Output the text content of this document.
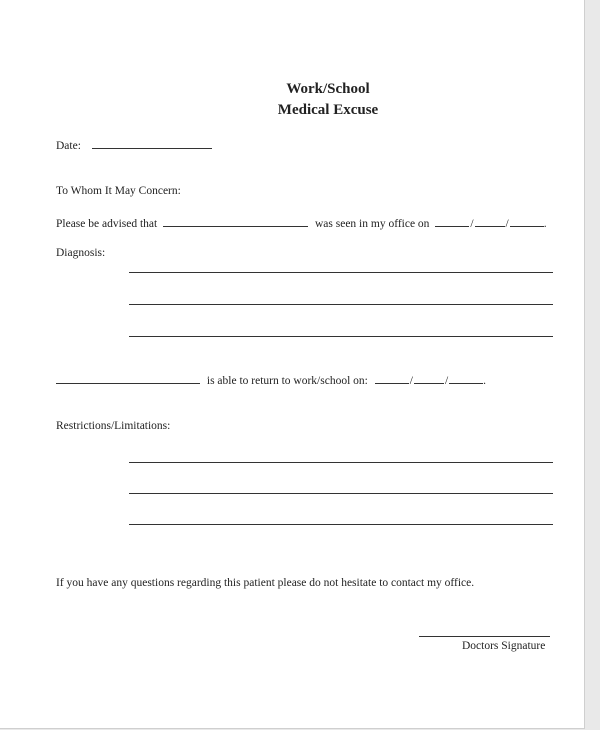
Work/School
Medical Excuse
Date:
To Whom It May Concern:
Please be advised that	was seen in my office on	/	/	.
Diagnosis:
is able to return to work/school on:	/	/	.
Restrictions/Limitations:
If you have any questions regarding this patient please do not hesitate to contact my office.
Doctors Signature
